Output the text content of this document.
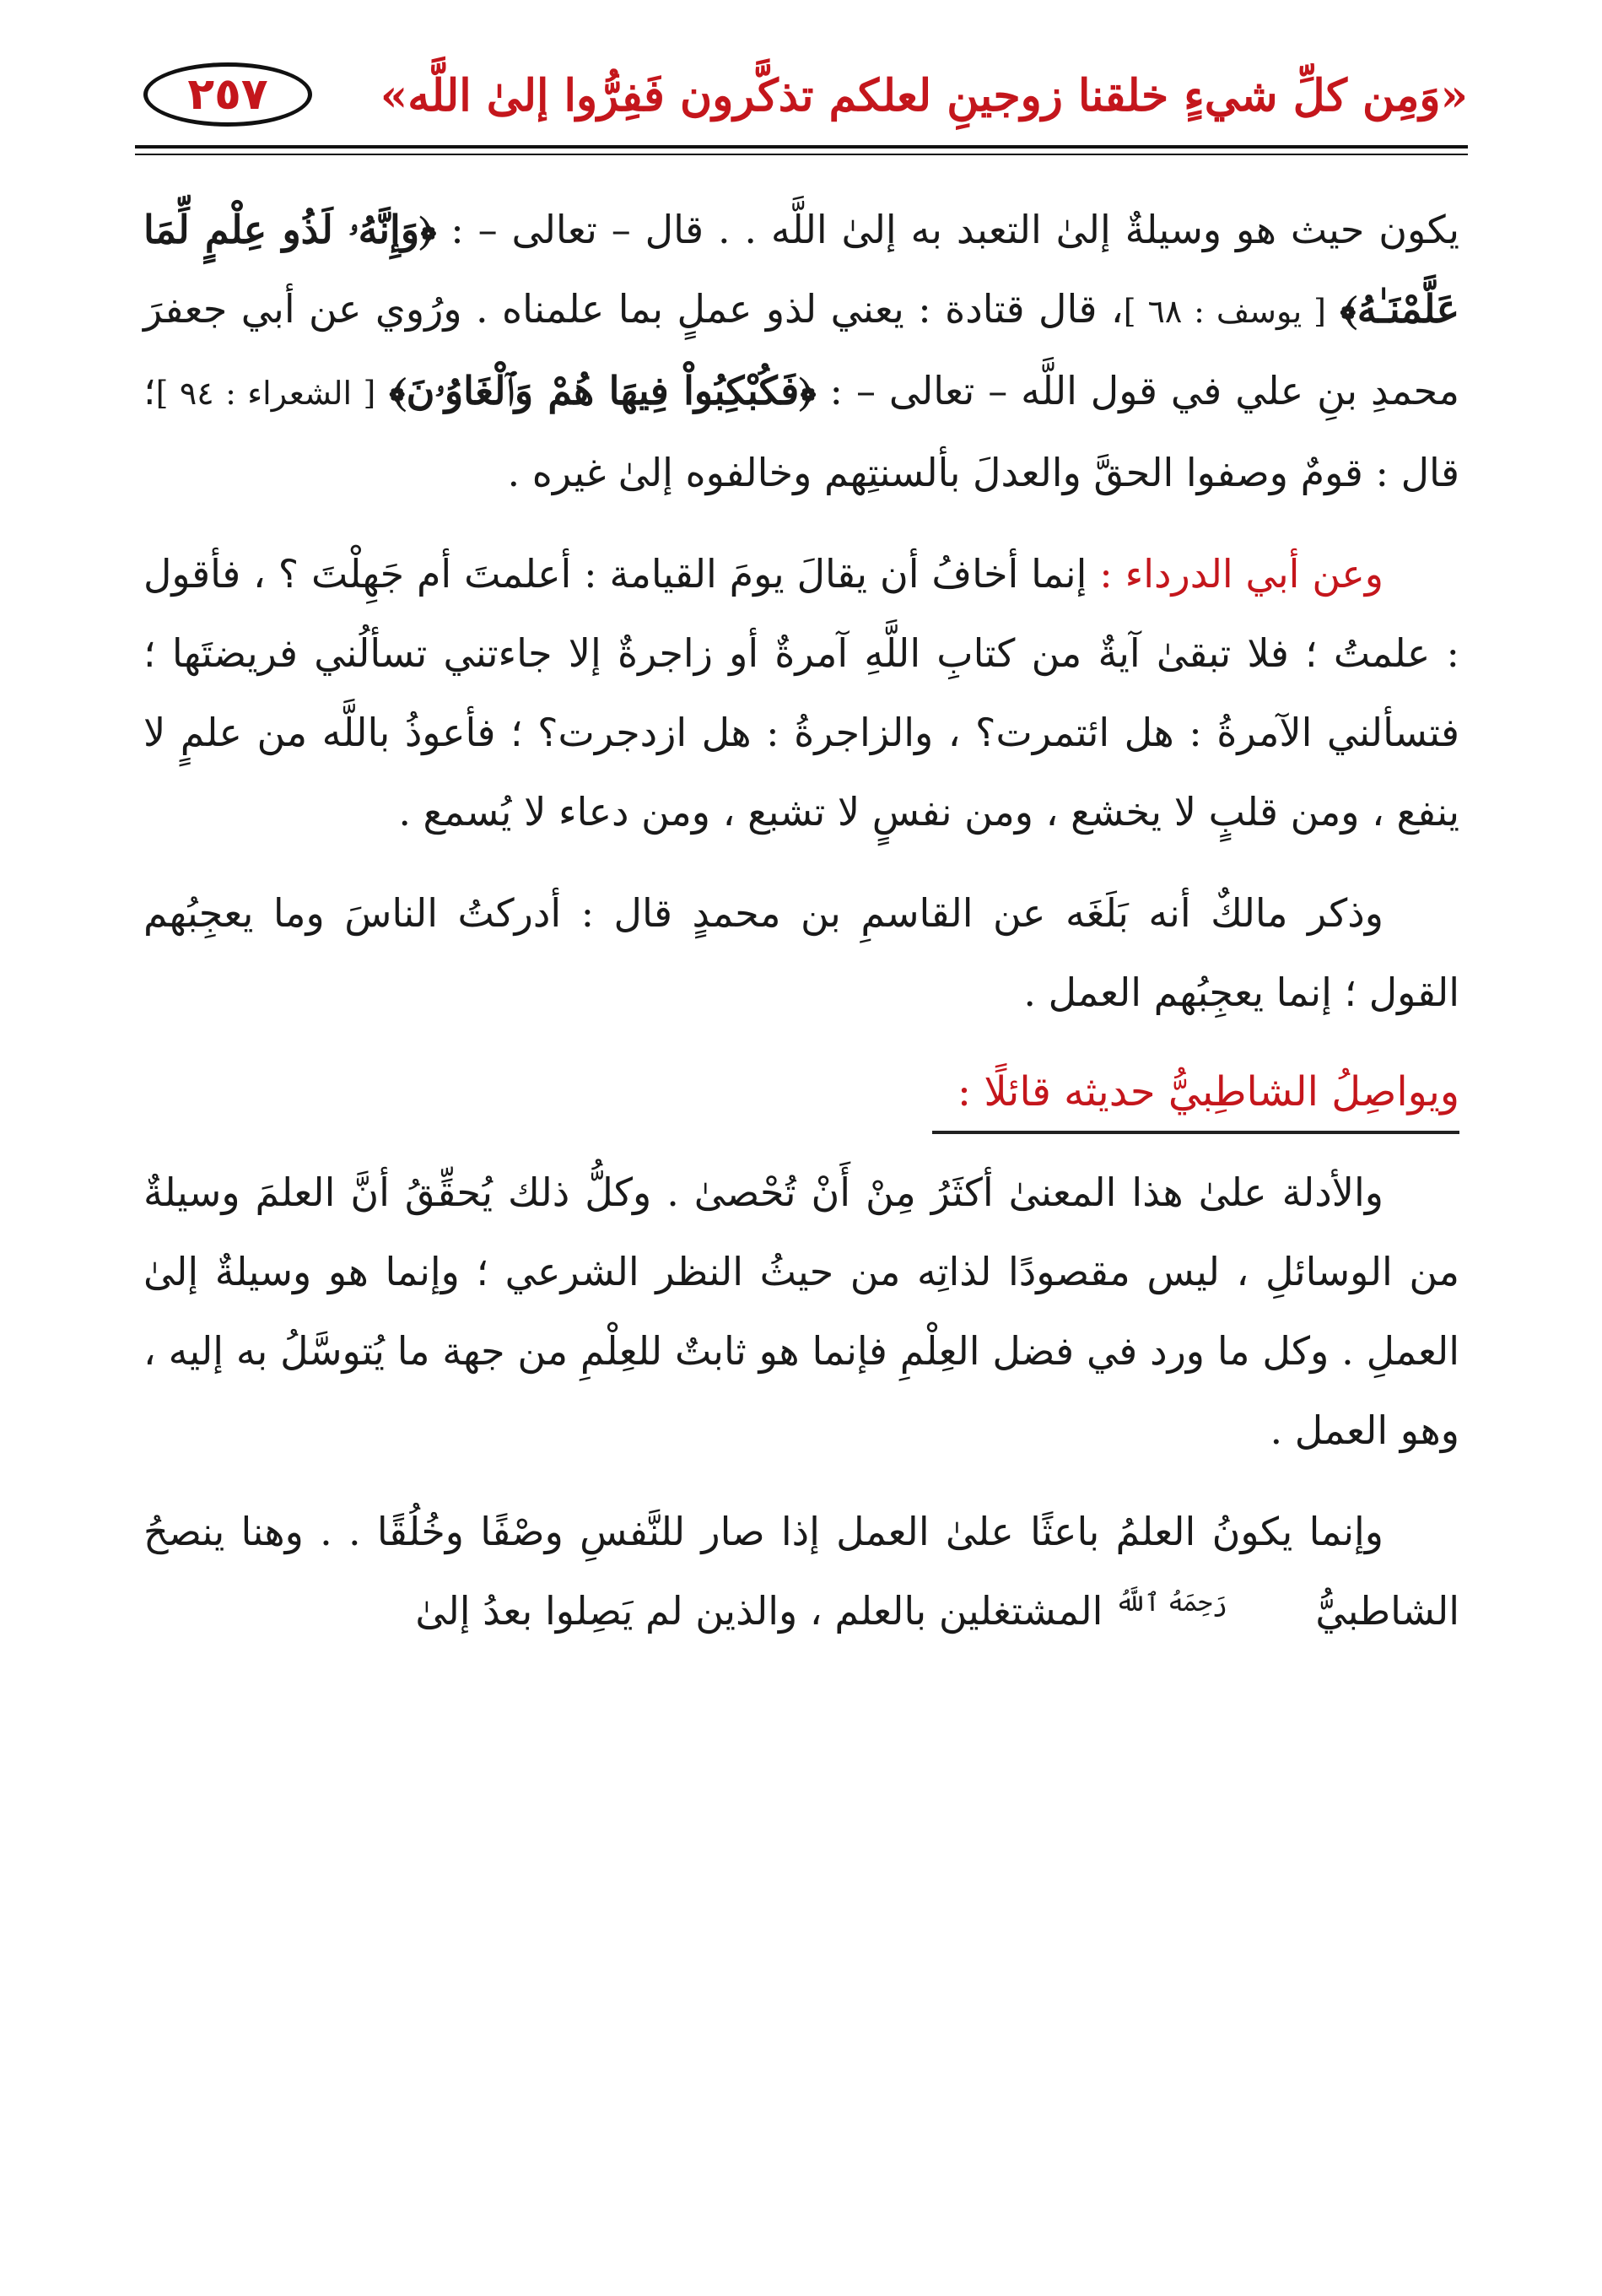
٢٥٧	«وَمِن كلِّ شيءٍ خلقنا زوجينِ لعلكم تذكَّرون فَفِرُّوا إلىٰ اللَّه»

يكون حيث هو وسيلةٌ إلىٰ التعبد به إلىٰ اللَّه . . قال – تعالى – : ﴿وَإِنَّهُۥ لَذُو عِلْمٍ لِّمَا عَلَّمْنَـٰهُ﴾ [ يوسف : ٦٨ ]، قال قتادة : يعني لذو عملٍ بما علمناه . ورُوي عن أبي جعفرَ محمدِ بنِ علي في قول اللَّه – تعالى – : ﴿فَكُبْكِبُواْ فِيهَا هُمْ وَٱلْغَاوُۥنَ﴾ [ الشعراء : ٩٤ ]؛ قال : قومٌ وصفوا الحقَّ والعدلَ بألسنتِهم وخالفوه إلىٰ غيره .

وعن أبي الدرداء : إنما أخافُ أن يقالَ يومَ القيامة : أعلمتَ أم جَهِلْتَ ؟ ، فأقول : علمتُ ؛ فلا تبقىٰ آيةٌ من كتابِ اللَّهِ آمرةٌ أو زاجرةٌ إلا جاءتني تسألُني فريضتَها ؛ فتسألني الآمرةُ : هل ائتمرت؟ ، والزاجرةُ : هل ازدجرت؟ ؛ فأعوذُ باللَّه من علمٍ لا ينفع ، ومن قلبٍ لا يخشع ، ومن نفسٍ لا تشبع ، ومن دعاء لا يُسمع .

وذكر مالكٌ أنه بَلَغَه عن القاسمِ بن محمدٍ قال : أدركتُ الناسَ وما يعجِبُهم القول ؛ إنما يعجِبُهم العمل .

ويواصِلُ الشاطِبيُّ حديثه قائلًا :

والأدلة علىٰ هذا المعنىٰ أكثَرُ مِنْ أَنْ تُحْصىٰ . وكلُّ ذلك يُحقِّقُ أنَّ العلمَ وسيلةٌ من الوسائلِ ، ليس مقصودًا لذاتِه من حيثُ النظر الشرعي ؛ وإنما هو وسيلةٌ إلىٰ العملِ . وكل ما ورد في فضل العِلْمِ فإنما هو ثابتٌ للعِلْمِ من جهة ما يُتوسَّلُ به إليه ، وهو العمل .

وإنما يكونُ العلمُ باعثًا علىٰ العمل إذا صار للنَّفسِ وصْفًا وخُلُقًا . . وهنا ينصحُ الشاطبيُّ رَحِمَهُ ٱللَّهُ المشتغلين بالعلم ، والذين لم يَصِلوا بعدُ إلىٰ
